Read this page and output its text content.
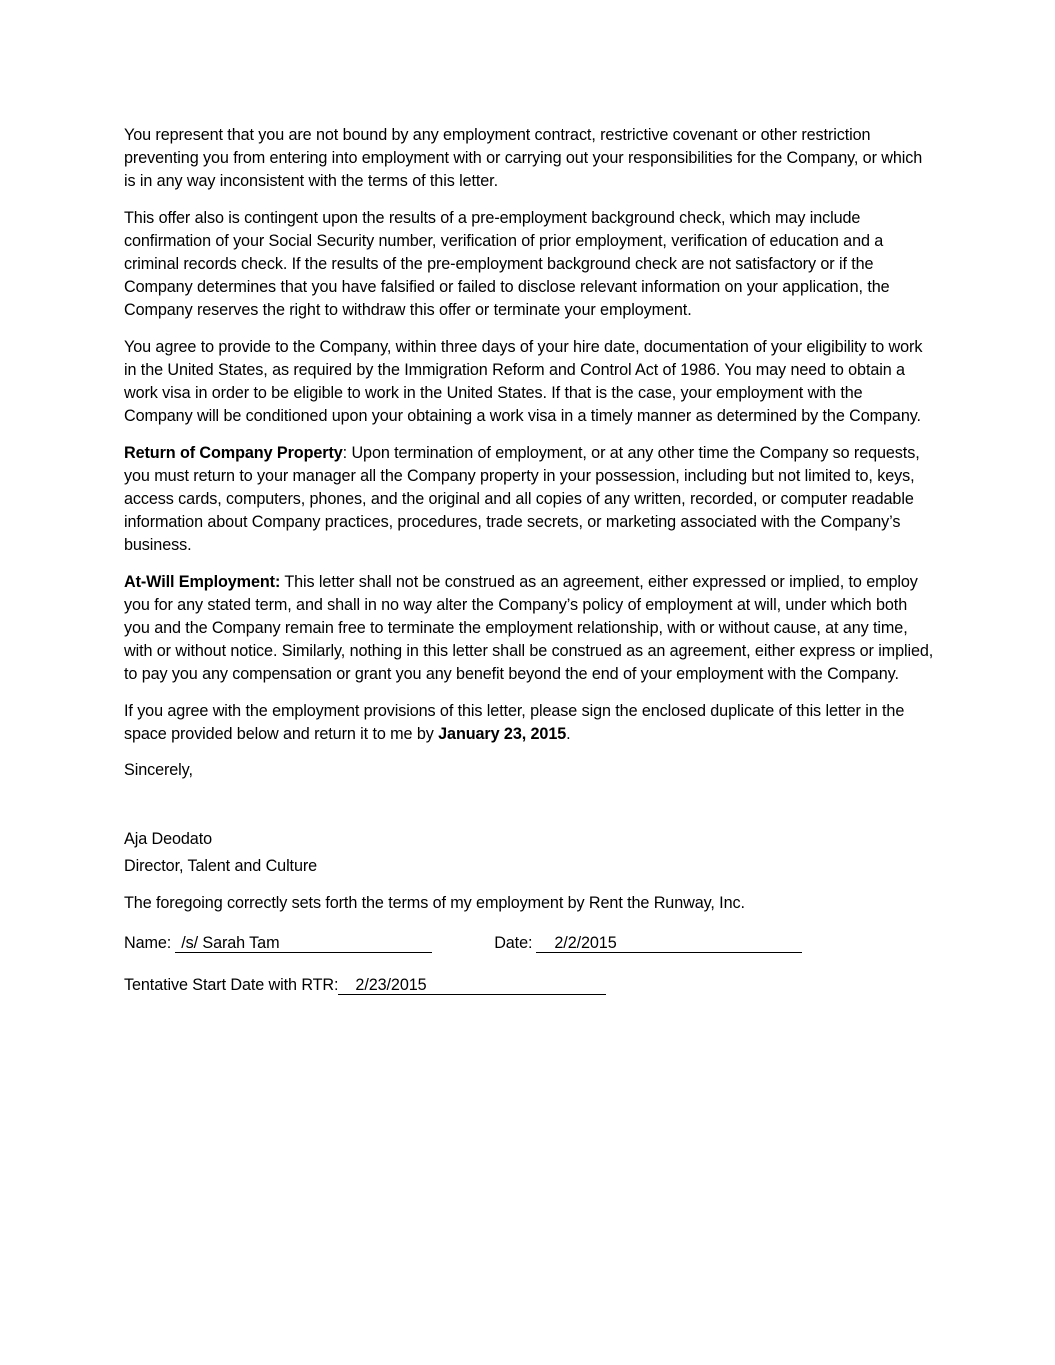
You represent that you are not bound by any employment contract, restrictive covenant or other restriction preventing you from entering into employment with or carrying out your responsibilities for the Company, or which is in any way inconsistent with the terms of this letter.

This offer also is contingent upon the results of a pre-employment background check, which may include confirmation of your Social Security number, verification of prior employment, verification of education and a criminal records check. If the results of the pre-employment background check are not satisfactory or if the Company determines that you have falsified or failed to disclose relevant information on your application, the Company reserves the right to withdraw this offer or terminate your employment.

You agree to provide to the Company, within three days of your hire date, documentation of your eligibility to work in the United States, as required by the Immigration Reform and Control Act of 1986. You may need to obtain a work visa in order to be eligible to work in the United States. If that is the case, your employment with the Company will be conditioned upon your obtaining a work visa in a timely manner as determined by the Company.

Return of Company Property: Upon termination of employment, or at any other time the Company so requests, you must return to your manager all the Company property in your possession, including but not limited to, keys, access cards, computers, phones, and the original and all copies of any written, recorded, or computer readable information about Company practices, procedures, trade secrets, or marketing associated with the Company’s business.

At-Will Employment: This letter shall not be construed as an agreement, either expressed or implied, to employ you for any stated term, and shall in no way alter the Company’s policy of employment at will, under which both you and the Company remain free to terminate the employment relationship, with or without cause, at any time, with or without notice. Similarly, nothing in this letter shall be construed as an agreement, either express or implied, to pay you any compensation or grant you any benefit beyond the end of your employment with the Company.

If you agree with the employment provisions of this letter, please sign the enclosed duplicate of this letter in the space provided below and return it to me by January 23, 2015.

Sincerely,

Aja Deodato

Director, Talent and Culture

The foregoing correctly sets forth the terms of my employment by Rent the Runway, Inc.

Name: /s/ Sarah Tam	Date:	2/2/2015
Tentative Start Date with RTR:	2/23/2015
